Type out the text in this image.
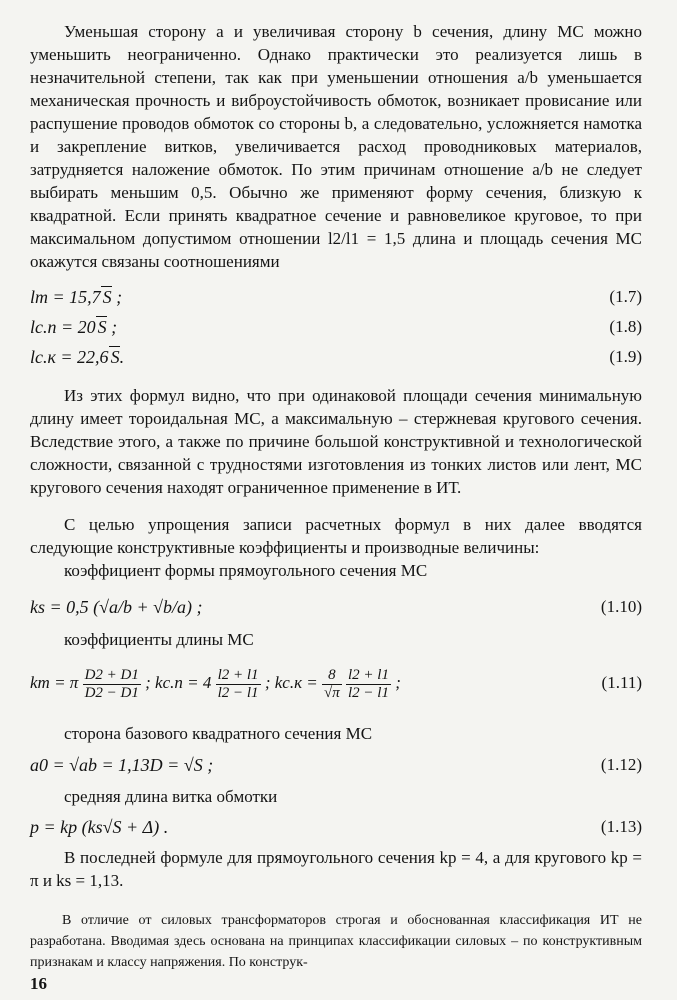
Уменьшая сторону a и увеличивая сторону b сечения, длину МС можно уменьшить неограниченно. Однако практически это реализуется лишь в незначительной степени, так как при уменьшении отношения a/b уменьшается механическая прочность и виброустойчивость обмоток, возникает провисание или распушение проводов обмоток со стороны b, а следовательно, усложняется намотка и закрепление витков, увеличивается расход проводниковых материалов, затрудняется наложение обмоток. По этим причинам отношение a/b не следует выбирать меньшим 0,5. Обычно же применяют форму сечения, близкую к квадратной. Если принять квадратное сечение и равновеликое круговое, то при максимальном допустимом отношении l2/l1 = 1,5 длина и площадь сечения МС окажутся связаны соотношениями

lт = 15,7 S ;	(1.7)
lс.п = 20 S ;	(1.8)
lс.к = 22,6 S.	(1.9)

Из этих формул видно, что при одинаковой площади сечения минимальную длину имеет тороидальная МС, а максимальную – стержневая кругового сечения. Вследствие этого, а также по причине большой конструктивной и технологической сложности, связанной с трудностями изготовления из тонких листов или лент, МС кругового сечения находят ограниченное применение в ИТ.

С целью упрощения записи расчетных формул в них далее вводятся следующие конструктивные коэффициенты и производные величины:

коэффициент формы прямоугольного сечения МС
ks = 0,5 (√a/b + √b/a) ;	(1.10)
коэффициенты длины МС
kт = π $\frac{D2 + D1}{D2 - D1}$ ; $kс.п = 4 \frac{l2 + l1}{l2 - l1}$ ; $kс.к = \frac{8}{√\pi}$
$\frac{l2 + l1}{l2 - l1}$ ;	(1.11)
сторона базового квадратного сечения МС
a0 = √ab = 1,13D = √S ;	(1.12)
средняя длина витка обмотки
p = kp (ks√S + Δ) .	(1.13)

В последней формуле для прямоугольного сечения kp = 4, а для кругового kp = π и ks = 1,13.

В отличие от силовых трансформаторов строгая и обоснованная классификация ИТ не разработана. Вводимая здесь основана на принципах классификации силовых – по конструктивным признакам и классу напряжения. По конструк-

16
